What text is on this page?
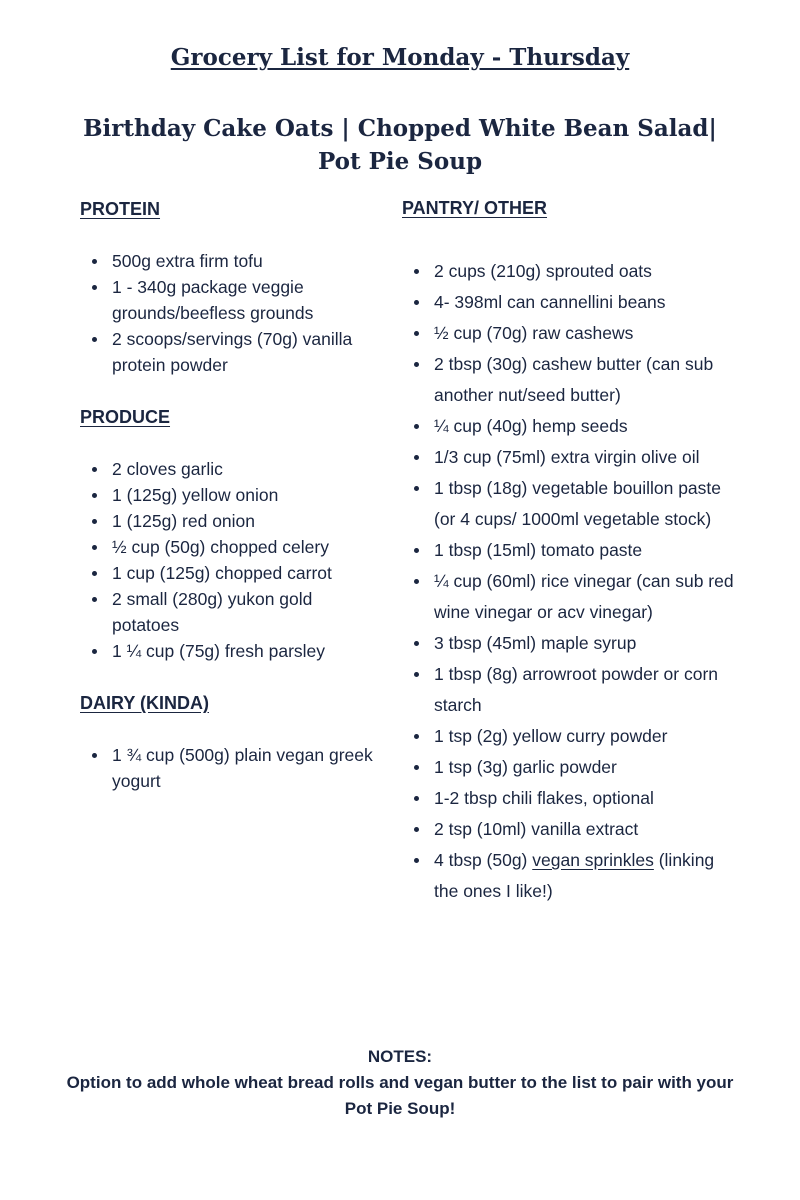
Grocery List for Monday - Thursday
Birthday Cake Oats | Chopped White Bean Salad| Pot Pie Soup
PROTEIN
500g extra firm tofu
1 - 340g package veggie grounds/beefless grounds
2 scoops/servings (70g) vanilla protein powder
PRODUCE
2 cloves garlic
1 (125g) yellow onion
1 (125g) red onion
½ cup (50g) chopped celery
1 cup (125g) chopped carrot
2 small (280g) yukon gold potatoes
1 ¼ cup (75g) fresh parsley
DAIRY (KINDA)
1 ¾ cup (500g) plain vegan greek yogurt
PANTRY/ OTHER
2 cups (210g) sprouted oats
4- 398ml can cannellini beans
½ cup (70g) raw cashews
2 tbsp (30g) cashew butter (can sub another nut/seed butter)
¼ cup (40g) hemp seeds
1/3 cup (75ml) extra virgin olive oil
1 tbsp (18g) vegetable bouillon paste (or 4 cups/ 1000ml vegetable stock)
1 tbsp (15ml) tomato paste
¼ cup (60ml) rice vinegar (can sub red wine vinegar or acv vinegar)
3 tbsp (45ml) maple syrup
1 tbsp (8g) arrowroot powder or corn starch
1 tsp (2g) yellow curry powder
1 tsp (3g) garlic powder
1-2 tbsp chili flakes, optional
2 tsp (10ml) vanilla extract
4 tbsp (50g) vegan sprinkles (linking the ones I like!)

NOTES:

Option to add whole wheat bread rolls and vegan butter to the list to pair with your Pot Pie Soup!
